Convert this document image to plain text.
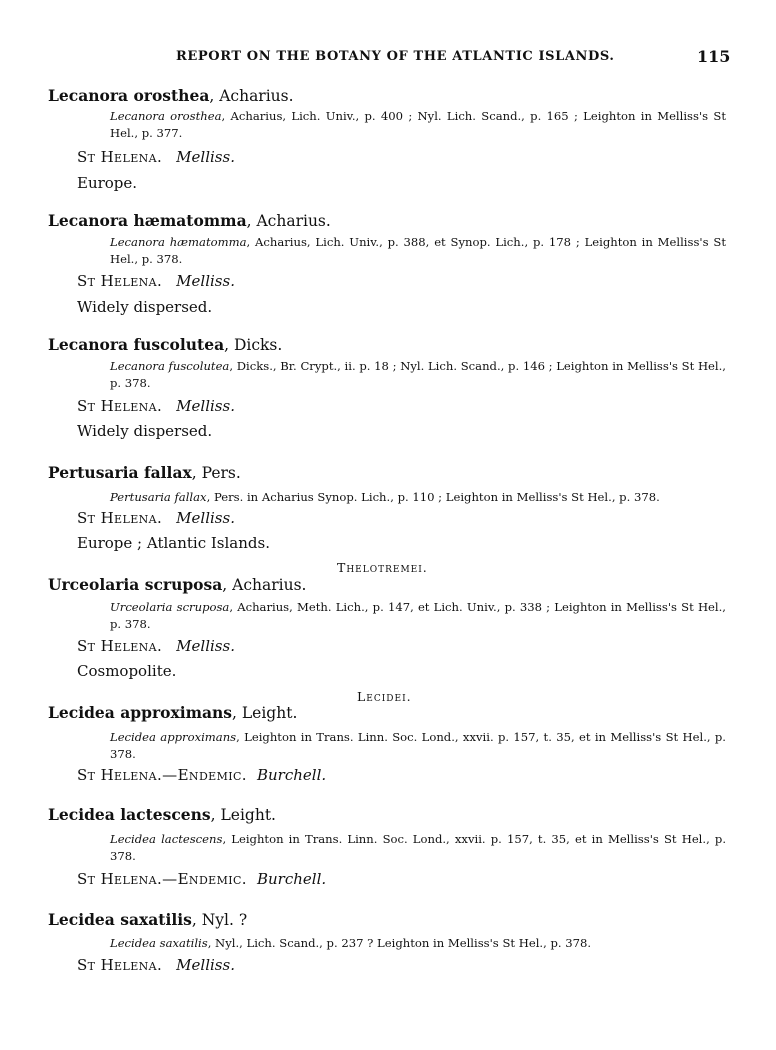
REPORT ON THE BOTANY OF THE ATLANTIC ISLANDS.	115
Lecanora orosthea, Acharius.
Lecanora orosthea, Acharius, Lich. Univ., p. 400 ; Nyl. Lich. Scand., p. 165 ; Leighton in Melliss's St Hel., p. 377.
St Helena. Melliss.
Europe.
Lecanora hæmatomma, Acharius.
Lecanora hæmatomma, Acharius, Lich. Univ., p. 388, et Synop. Lich., p. 178 ; Leighton in Melliss's St Hel., p. 378.
St Helena. Melliss.
Widely dispersed.
Lecanora fuscolutea, Dicks.
Lecanora fuscolutea, Dicks., Br. Crypt., ii. p. 18 ; Nyl. Lich. Scand., p. 146 ; Leighton in Melliss's St Hel., p. 378.
St Helena. Melliss.
Widely dispersed.
Pertusaria fallax, Pers.
Pertusaria fallax, Pers. in Acharius Synop. Lich., p. 110 ; Leighton in Melliss's St Hel., p. 378.
St Helena. Melliss.
Europe ; Atlantic Islands.
Thelotremei.
Urceolaria scruposa, Acharius.
Urceolaria scruposa, Acharius, Meth. Lich., p. 147, et Lich. Univ., p. 338 ; Leighton in Melliss's St Hel., p. 378.
St Helena. Melliss.
Cosmopolite.
Lecidei.
Lecidea approximans, Leight.
Lecidea approximans, Leighton in Trans. Linn. Soc. Lond., xxvii. p. 157, t. 35, et in Melliss's St Hel., p. 378.
St Helena.—Endemic. Burchell.
Lecidea lactescens, Leight.
Lecidea lactescens, Leighton in Trans. Linn. Soc. Lond., xxvii. p. 157, t. 35, et in Melliss's St Hel., p. 378.
St Helena.—Endemic. Burchell.
Lecidea saxatilis, Nyl. ?
Lecidea saxatilis, Nyl., Lich. Scand., p. 237 ? Leighton in Melliss's St Hel., p. 378.
St Helena. Melliss.
